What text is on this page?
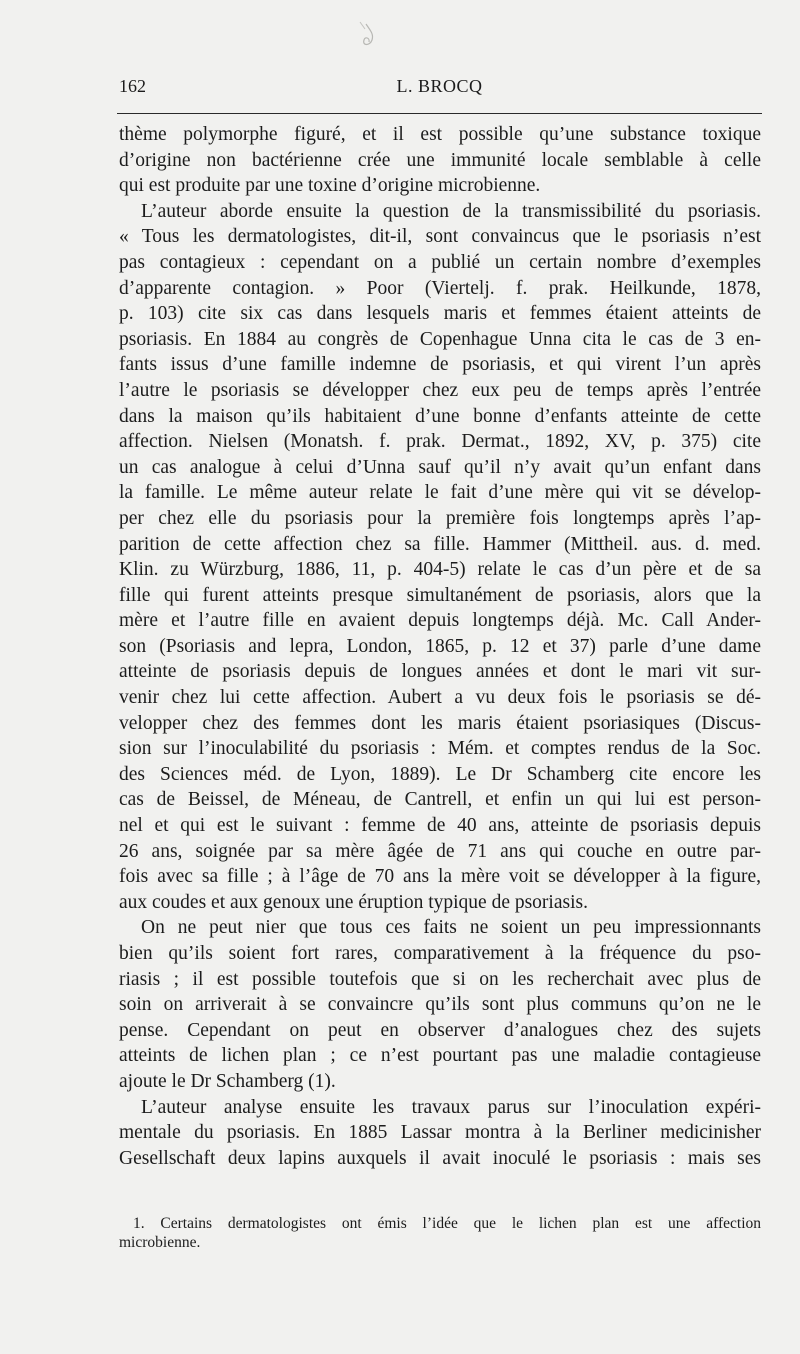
162	L. BROCQ
thème polymorphe figuré, et il est possible qu’une substance toxique
d’origine non bactérienne crée une immunité locale semblable à celle
qui est produite par une toxine d’origine microbienne.
L’auteur aborde ensuite la question de la transmissibilité du psoriasis.
« Tous les dermatologistes, dit-il, sont convaincus que le psoriasis n’est
pas contagieux : cependant on a publié un certain nombre d’exemples
d’apparente contagion. » Poor (Viertelj. f. prak. Heilkunde, 1878,
p. 103) cite six cas dans lesquels maris et femmes étaient atteints de
psoriasis. En 1884 au congrès de Copenhague Unna cita le cas de 3 en-
fants issus d’une famille indemne de psoriasis, et qui virent l’un après
l’autre le psoriasis se développer chez eux peu de temps après l’entrée
dans la maison qu’ils habitaient d’une bonne d’enfants atteinte de cette
affection. Nielsen (Monatsh. f. prak. Dermat., 1892, XV, p. 375) cite
un cas analogue à celui d’Unna sauf qu’il n’y avait qu’un enfant dans
la famille. Le même auteur relate le fait d’une mère qui vit se dévelop-
per chez elle du psoriasis pour la première fois longtemps après l’ap-
parition de cette affection chez sa fille. Hammer (Mittheil. aus. d. med.
Klin. zu Würzburg, 1886, 11, p. 404-5) relate le cas d’un père et de sa
fille qui furent atteints presque simultanément de psoriasis, alors que la
mère et l’autre fille en avaient depuis longtemps déjà. Mc. Call Ander-
son (Psoriasis and lepra, London, 1865, p. 12 et 37) parle d’une dame
atteinte de psoriasis depuis de longues années et dont le mari vit sur-
venir chez lui cette affection. Aubert a vu deux fois le psoriasis se dé-
velopper chez des femmes dont les maris étaient psoriasiques (Discus-
sion sur l’inoculabilité du psoriasis : Mém. et comptes rendus de la Soc.
des Sciences méd. de Lyon, 1889). Le Dr Schamberg cite encore les
cas de Beissel, de Méneau, de Cantrell, et enfin un qui lui est person-
nel et qui est le suivant : femme de 40 ans, atteinte de psoriasis depuis
26 ans, soignée par sa mère âgée de 71 ans qui couche en outre par-
fois avec sa fille ; à l’âge de 70 ans la mère voit se développer à la figure,
aux coudes et aux genoux une éruption typique de psoriasis.
On ne peut nier que tous ces faits ne soient un peu impressionnants
bien qu’ils soient fort rares, comparativement à la fréquence du pso-
riasis ; il est possible toutefois que si on les recherchait avec plus de
soin on arriverait à se convaincre qu’ils sont plus communs qu’on ne le
pense. Cependant on peut en observer d’analogues chez des sujets
atteints de lichen plan ; ce n’est pourtant pas une maladie contagieuse
ajoute le Dr Schamberg (1).
L’auteur analyse ensuite les travaux parus sur l’inoculation expéri-
mentale du psoriasis. En 1885 Lassar montra à la Berliner medicinisher
Gesellschaft deux lapins auxquels il avait inoculé le psoriasis : mais ses
1. Certains dermatologistes ont émis l’idée que le lichen plan est une affection
microbienne.
